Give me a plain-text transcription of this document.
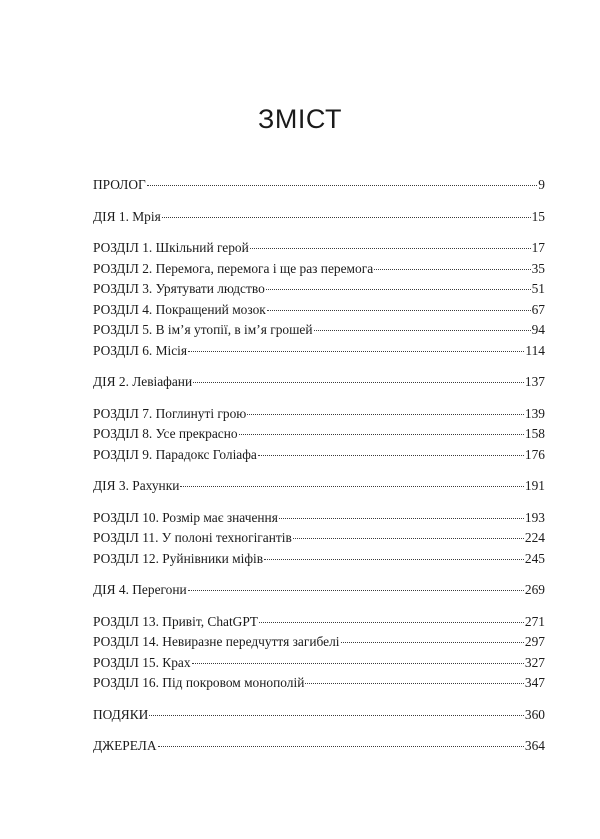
ЗМІСТ
ПРОЛОГ	9
ДІЯ 1. Мрія	15
РОЗДІЛ 1. Шкільний герой	17
РОЗДІЛ 2. Перемога, перемога і ще раз перемога	35
РОЗДІЛ 3. Урятувати людство	51
РОЗДІЛ 4. Покращений мозок	67
РОЗДІЛ 5. В ім’я утопії, в ім’я грошей	94
РОЗДІЛ 6. Місія	114
ДІЯ 2. Левіафани	137
РОЗДІЛ 7. Поглинуті грою	139
РОЗДІЛ 8. Усе прекрасно	158
РОЗДІЛ 9. Парадокс Голіафа	176
ДІЯ 3. Рахунки	191
РОЗДІЛ 10. Розмір має значення	193
РОЗДІЛ 11. У полоні техногігантів	224
РОЗДІЛ 12. Руйнівники міфів	245
ДІЯ 4. Перегони	269
РОЗДІЛ 13. Привіт, ChatGPT	271
РОЗДІЛ 14. Невиразне передчуття загибелі	297
РОЗДІЛ 15. Крах	327
РОЗДІЛ 16. Під покровом монополій	347
ПОДЯКИ	360
ДЖЕРЕЛА	364
